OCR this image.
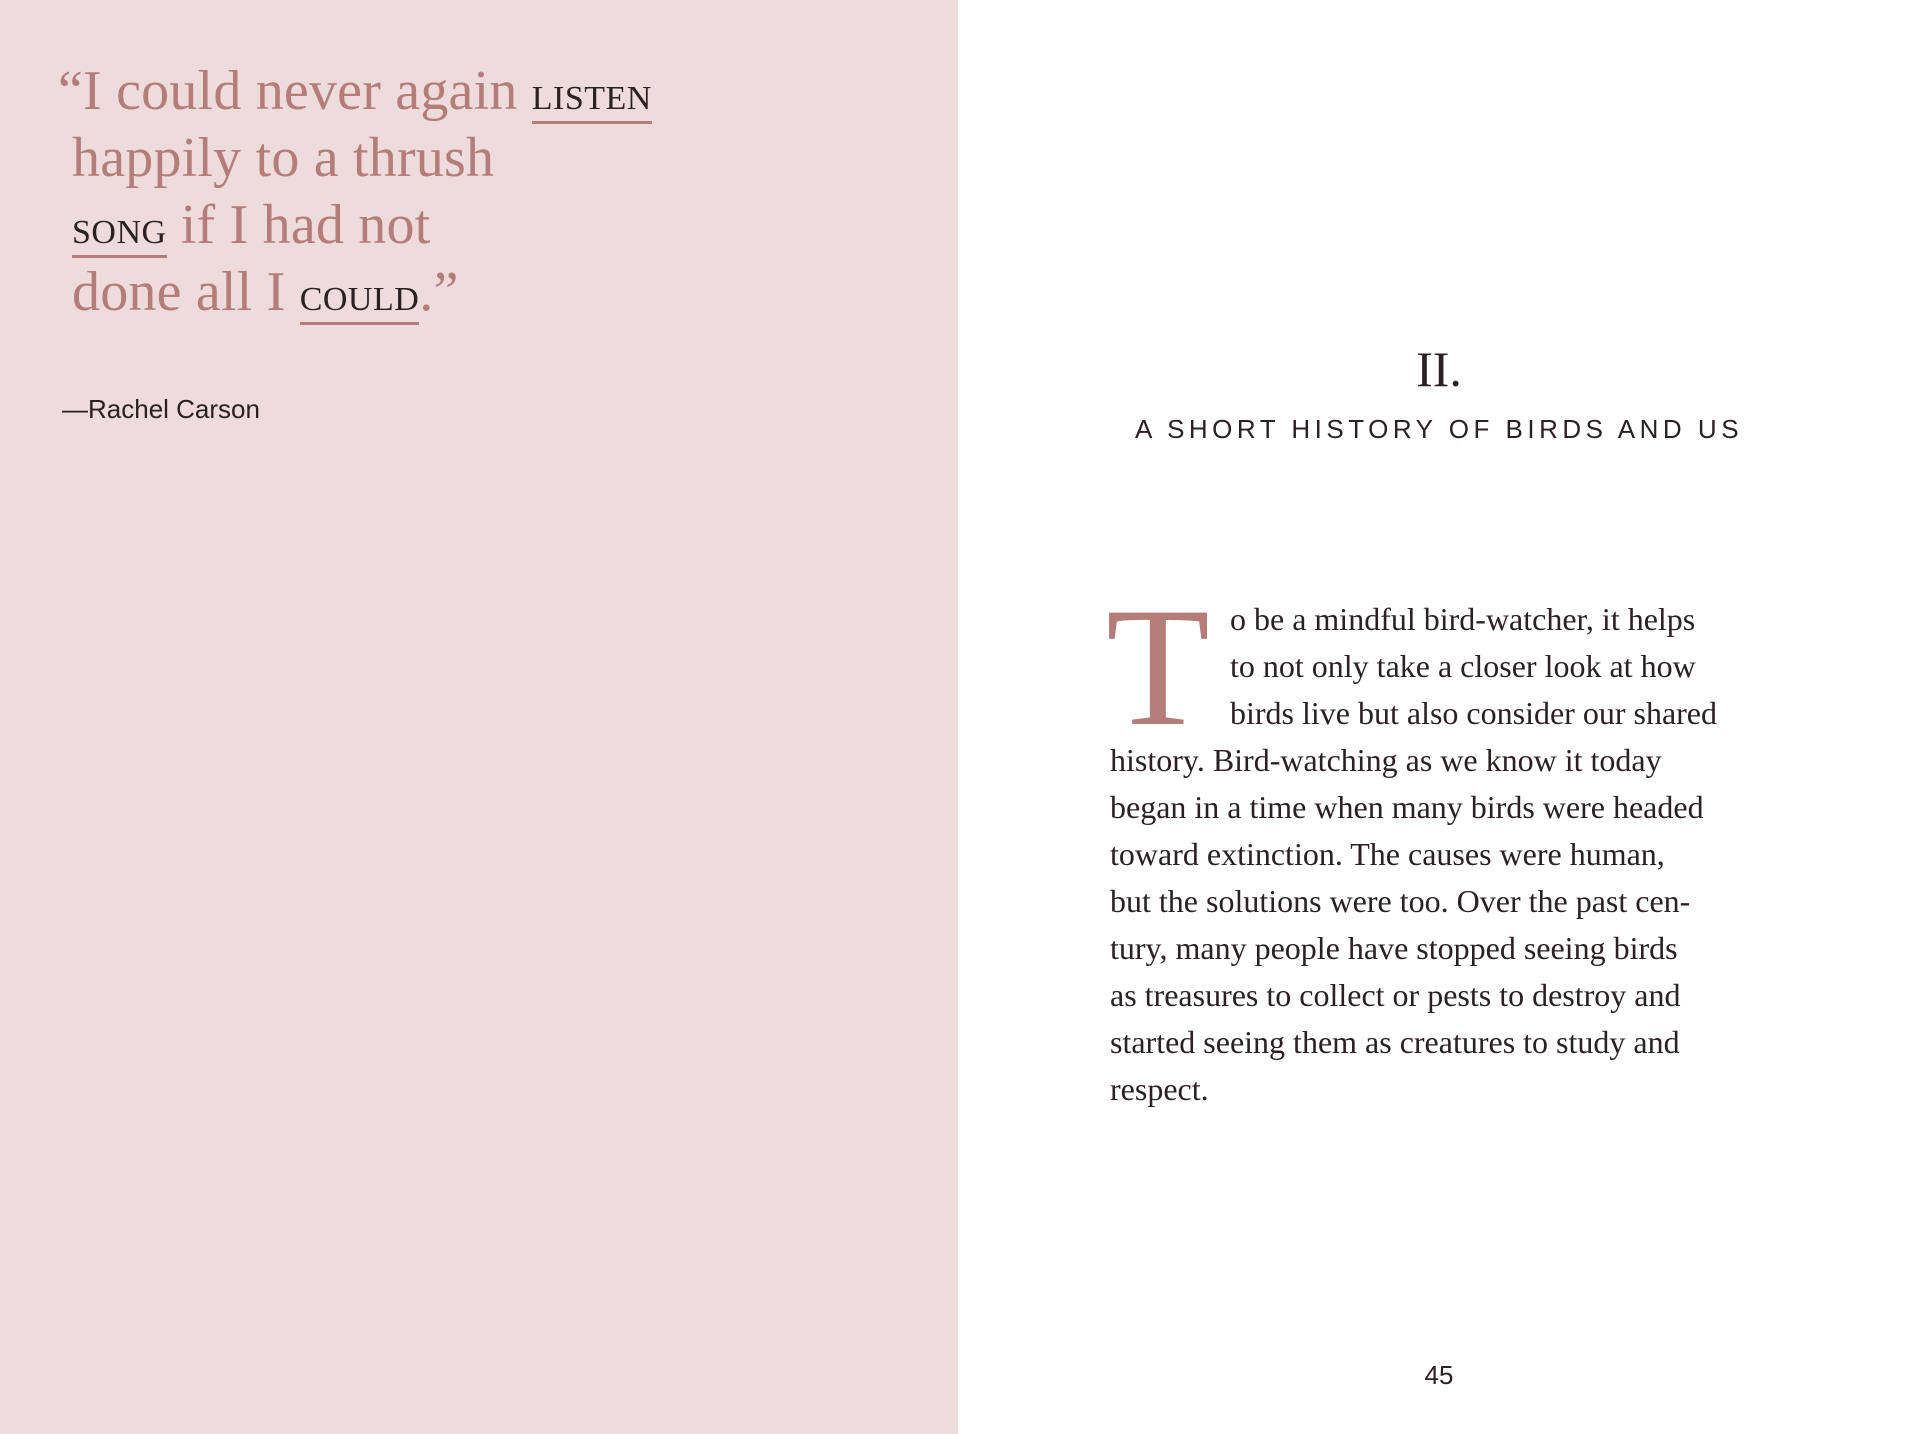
“I could never again LISTEN
happily to a thrush
SONG if I had not
done all I COULD.”

—Rachel Carson
II.
A SHORT HISTORY OF BIRDS AND US
T o be a mindful bird-watcher, it helps
to not only take a closer look at how
birds live but also consider our shared
history. Bird-watching as we know it today
began in a time when many birds were headed
toward extinction. The causes were human,
but the solutions were too. Over the past cen-
tury, many people have stopped seeing birds
as treasures to collect or pests to destroy and
started seeing them as creatures to study and
respect.
45
